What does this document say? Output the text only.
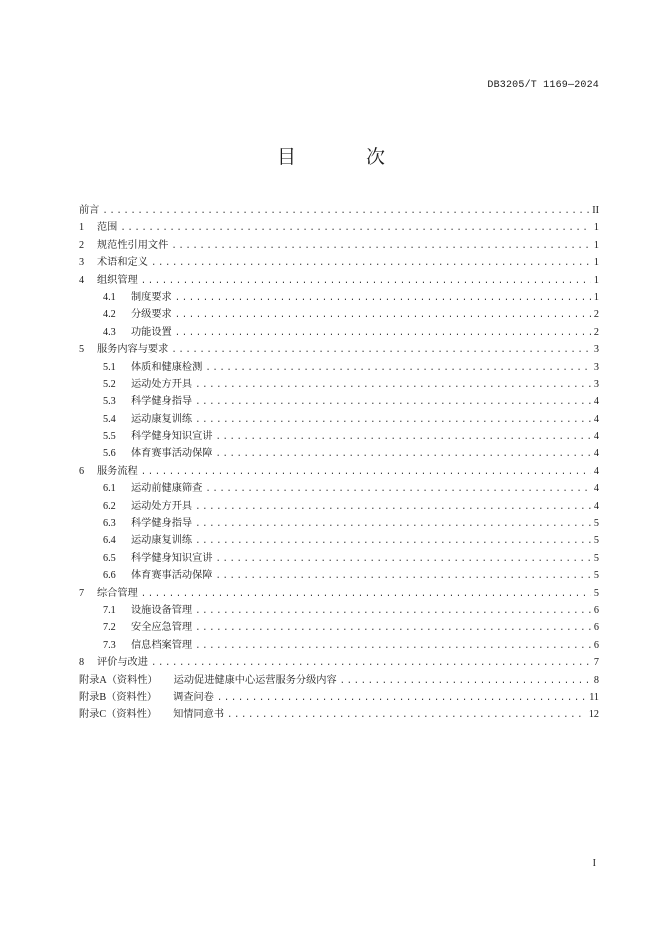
DB3205/T 1169—2024
目 次
前言 .....	II
1	范围 .....	1
2	规范性引用文件 .....	1
3	术语和定义 .....	1
4	组织管理 .....	1
4.1	制度要求 .....	1
4.2	分级要求 .....	2
4.3	功能设置 .....	2
5	服务内容与要求 .....	3
5.1	体质和健康检测 .....	3
5.2	运动处方开具 .....	3
5.3	科学健身指导 .....	4
5.4	运动康复训练 .....	4
5.5	科学健身知识宣讲 .....	4
5.6	体育赛事活动保障 .....	4
6	服务流程 .....	4
6.1	运动前健康筛查 .....	4
6.2	运动处方开具 .....	4
6.3	科学健身指导 .....	5
6.4	运动康复训练 .....	5
6.5	科学健身知识宣讲 .....	5
6.6	体育赛事活动保障 .....	5
7	综合管理 .....	5
7.1	设施设备管理 .....	6
7.2	安全应急管理 .....	6
7.3	信息档案管理 .....	6
8	评价与改进 .....	7
附录A（资料性）	运动促进健康中心运营服务分级内容 .....	8
附录B（资料性）	调查问卷 .....	11
附录C（资料性）	知情同意书 .....	12
I
